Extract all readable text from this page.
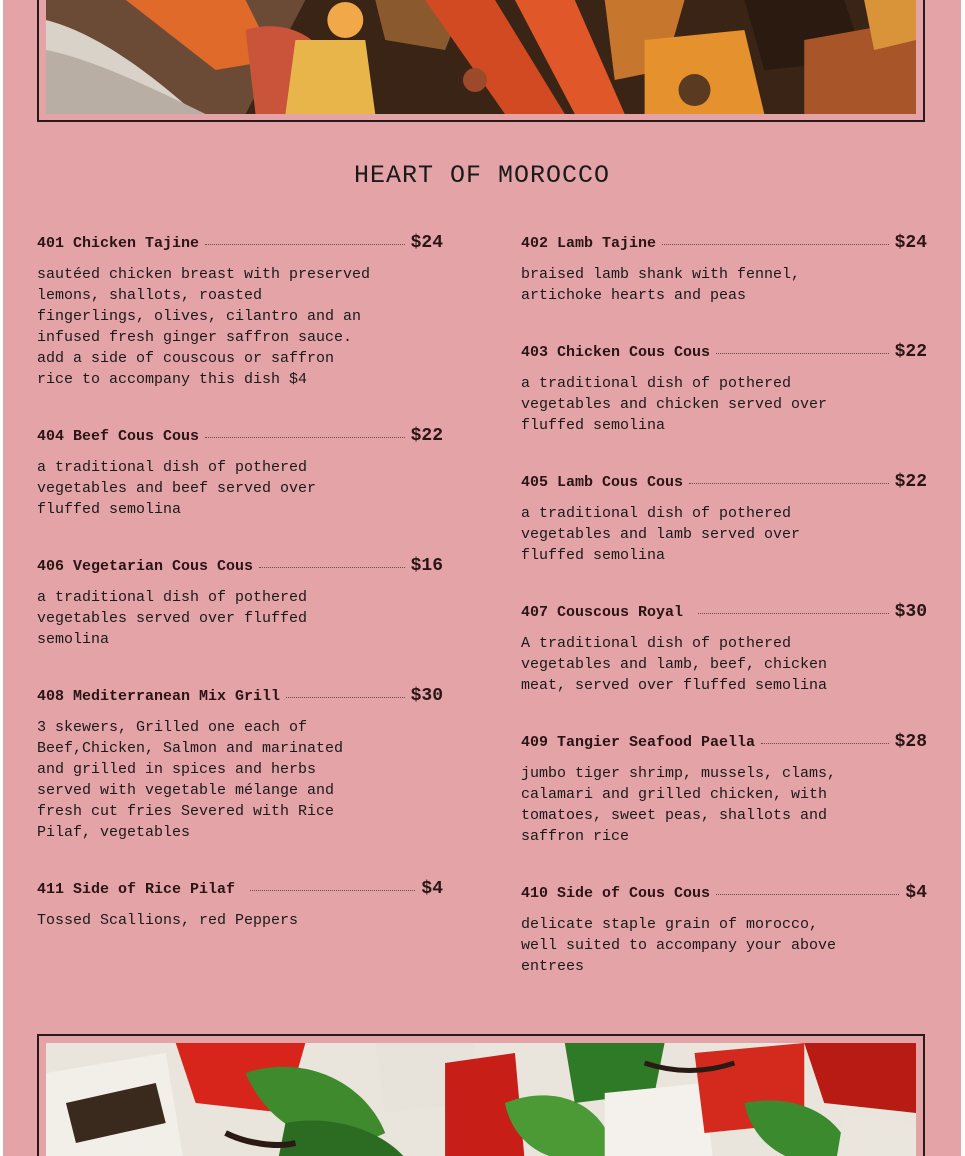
HEART OF MOROCCO
401 Chicken Tajine	$24
sautéed chicken breast with preserved lemons, shallots, roasted fingerlings, olives, cilantro and an infused fresh ginger saffron sauce. add a side of couscous or saffron rice to accompany this dish $4
404 Beef Cous Cous	$22
a traditional dish of pothered vegetables and beef served over fluffed semolina
406 Vegetarian Cous Cous	$16
a traditional dish of pothered vegetables served over fluffed semolina
408 Mediterranean Mix Grill	$30
3 skewers, Grilled one each of Beef,Chicken, Salmon and marinated and grilled in spices and herbs served with vegetable mélange and fresh cut fries Severed with Rice Pilaf, vegetables
411 Side of Rice Pilaf	$4
Tossed Scallions, red Peppers
402 Lamb Tajine	$24
braised lamb shank with fennel, artichoke hearts and peas
403 Chicken Cous Cous	$22
a traditional dish of pothered vegetables and chicken served over fluffed semolina
405 Lamb Cous Cous	$22
a traditional dish of pothered vegetables and lamb served over fluffed semolina
407 Couscous Royal	$30
A traditional dish of pothered vegetables and lamb, beef, chicken meat, served over fluffed semolina
409 Tangier Seafood Paella	$28
jumbo tiger shrimp, mussels, clams, calamari and grilled chicken, with tomatoes, sweet peas, shallots and saffron rice
410 Side of Cous Cous	$4
delicate staple grain of morocco, well suited to accompany your above entrees
